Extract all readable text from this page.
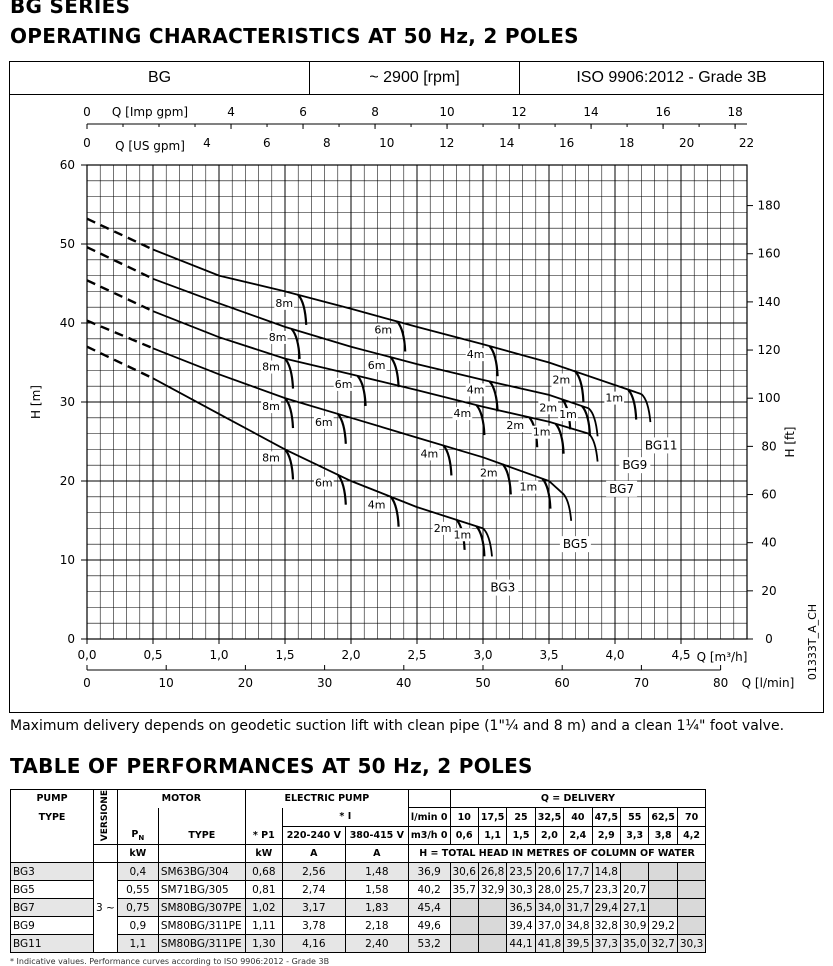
BG SERIES
OPERATING CHARACTERISTICS AT 50 Hz, 2 POLES
BG	~ 2900 [rpm]	ISO 9906:2012 - Grade 3B
0
10
20
30
40
50
60
H [m]
0
20
40
60
80
100
120
140
160
180
H [ft]
01333T_A_CH
0,0	0,5	1,0	1,5	2,0	2,5	3,0	3,5	4,0	4,5 Q [m³/h]
0	10	20	30	40	50	60	70	80 Q [l/min]
0	4	6	8	10	12	14	16	18
Q [Imp gpm]
0	4	6	8	10	12	14	16	18	20	22
Q [US gpm]
8m
6m
4m
2m 1m
8m
6m
4m
2m
1m
8m
6m
4m
2m 1m
8m
6m
4m
2m
1m
8m
6m
4m
2m
1m
BG3
BG5
BG7
BG9
BG11
Maximum delivery depends on geodetic suction lift with clean pipe (1"¼ and 8 m) and a clean 1¼" foot valve.
TABLE OF PERFORMANCES AT 50 Hz, 2 POLES
PUMP	VERSIONE	MOTOR		ELECTRIC PUMP				Q = DELIVERY								
TYPE					* I		l/min 0	10	17,5	25	32,5	40	47,5	55	62,5	70
		$P_N$	TYPE	* P1	220-240 V	380-415 V	m3/h 0	0,6	1,1	1,5	2,0	2,4	2,9	3,3	3,8	4,2
		kW		kW	A	A	H = TOTAL HEAD IN METRES OF COLUMN OF WATER									
BG3	3 ~	0,4	SM63BG/304	0,68	2,56	1,48	36,9	30,6	26,8	23,5	20,6	17,7	14,8			
BG5		0,55	SM71BG/305	0,81	2,74	1,58	40,2	35,7	32,9	30,3	28,0	25,7	23,3	20,7		
BG7		0,75	SM80BG/307PE	1,02	3,17	1,83	45,4			36,5	34,0	31,7	29,4	27,1		
BG9		0,9	SM80BG/311PE	1,11	3,78	2,18	49,6			39,4	37,0	34,8	32,8	30,9	29,2	
BG11		1,1	SM80BG/311PE	1,30	4,16	2,40	53,2			44,1	41,8	39,5	37,3	35,0	32,7	30,3
* Indicative values. Performance curves according to ISO 9906:2012 - Grade 3B
